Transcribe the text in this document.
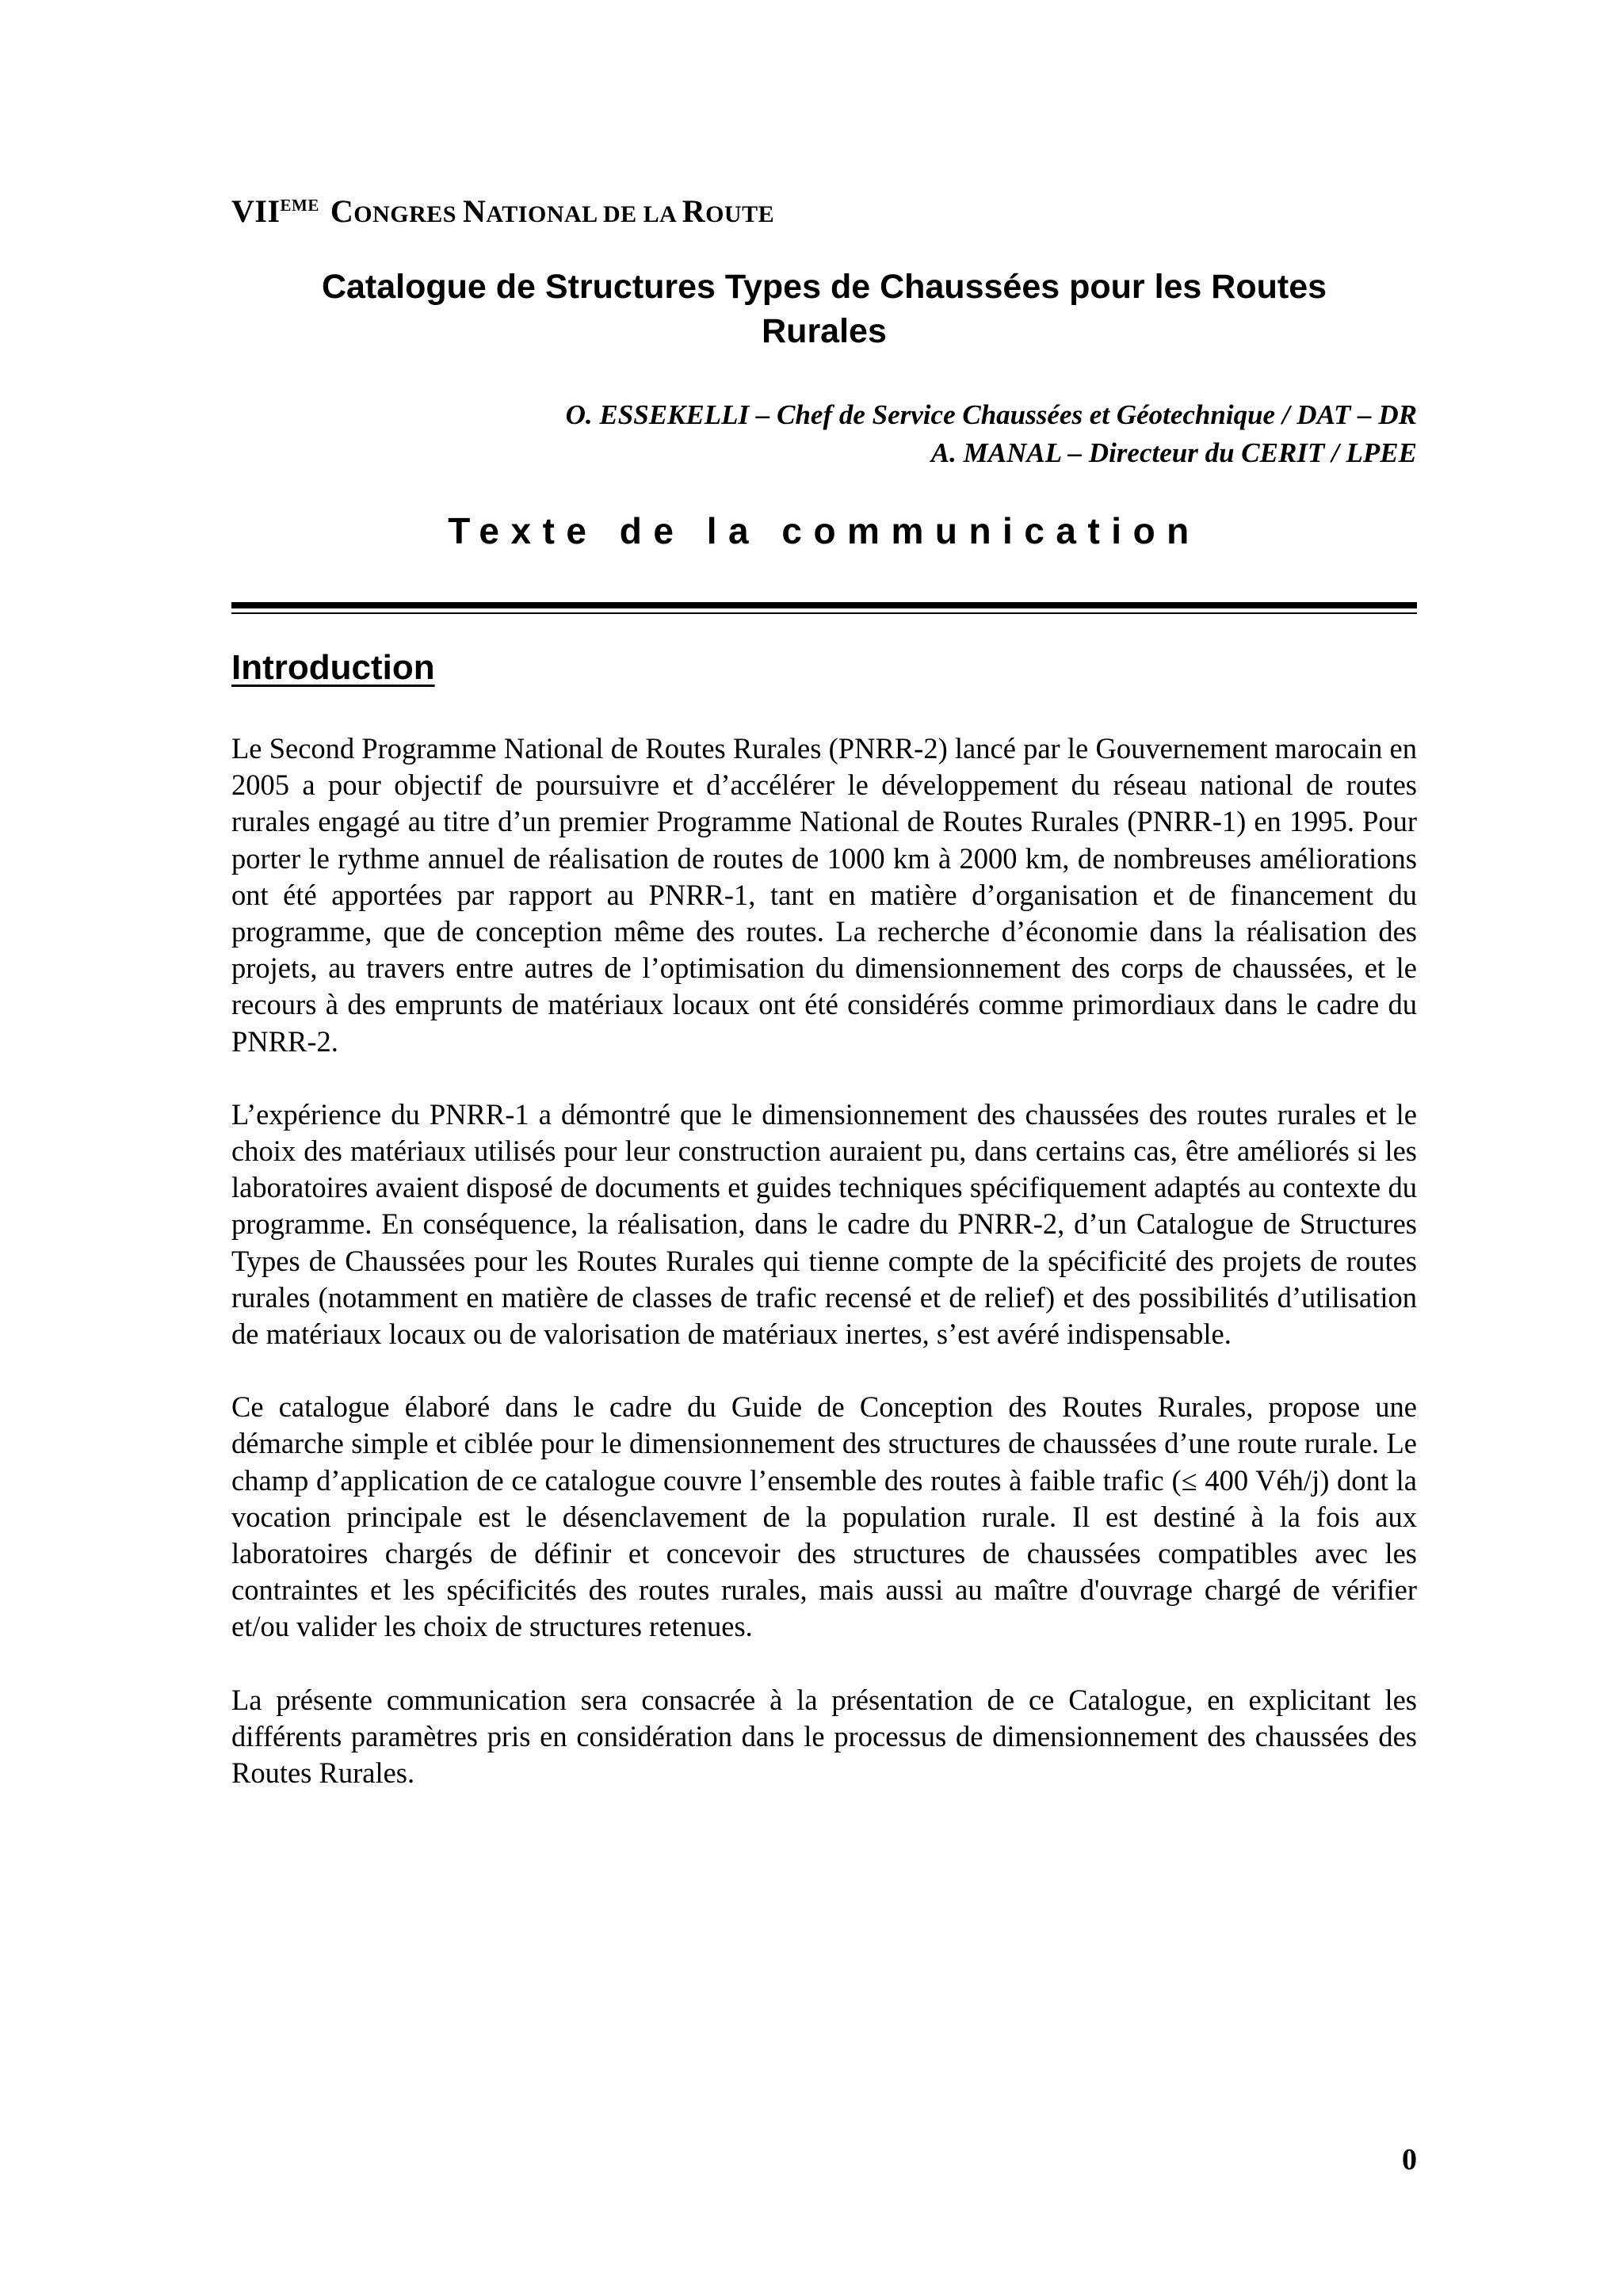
VIIEME CONGRES NATIONAL DE LA ROUTE
Catalogue de Structures Types de Chaussées pour les Routes
Rurales
O. ESSEKELLI – Chef de Service Chaussées et Géotechnique / DAT – DR
A. MANAL – Directeur du CERIT / LPEE
Texte de la communication
Introduction

Le Second Programme National de Routes Rurales (PNRR-2) lancé par le Gouvernement marocain en 2005 a pour objectif de poursuivre et d’accélérer le développement du réseau national de routes rurales engagé au titre d’un premier Programme National de Routes Rurales (PNRR-1) en 1995. Pour porter le rythme annuel de réalisation de routes de 1000 km à 2000 km, de nombreuses améliorations ont été apportées par rapport au PNRR-1, tant en matière d’organisation et de financement du programme, que de conception même des routes. La recherche d’économie dans la réalisation des projets, au travers entre autres de l’optimisation du dimensionnement des corps de chaussées, et le recours à des emprunts de matériaux locaux ont été considérés comme primordiaux dans le cadre du PNRR-2.

L’expérience du PNRR-1 a démontré que le dimensionnement des chaussées des routes rurales et le choix des matériaux utilisés pour leur construction auraient pu, dans certains cas, être améliorés si les laboratoires avaient disposé de documents et guides techniques spécifiquement adaptés au contexte du programme. En conséquence, la réalisation, dans le cadre du PNRR-2, d’un Catalogue de Structures Types de Chaussées pour les Routes Rurales qui tienne compte de la spécificité des projets de routes rurales (notamment en matière de classes de trafic recensé et de relief) et des possibilités d’utilisation de matériaux locaux ou de valorisation de matériaux inertes, s’est avéré indispensable.

Ce catalogue élaboré dans le cadre du Guide de Conception des Routes Rurales, propose une démarche simple et ciblée pour le dimensionnement des structures de chaussées d’une route rurale. Le champ d’application de ce catalogue couvre l’ensemble des routes à faible trafic (≤ 400 Véh/j) dont la vocation principale est le désenclavement de la population rurale. Il est destiné à la fois aux laboratoires chargés de définir et concevoir des structures de chaussées compatibles avec les contraintes et les spécificités des routes rurales, mais aussi au maître d'ouvrage chargé de vérifier et/ou valider les choix de structures retenues.

La présente communication sera consacrée à la présentation de ce Catalogue, en explicitant les différents paramètres pris en considération dans le processus de dimensionnement des chaussées des Routes Rurales.

0
